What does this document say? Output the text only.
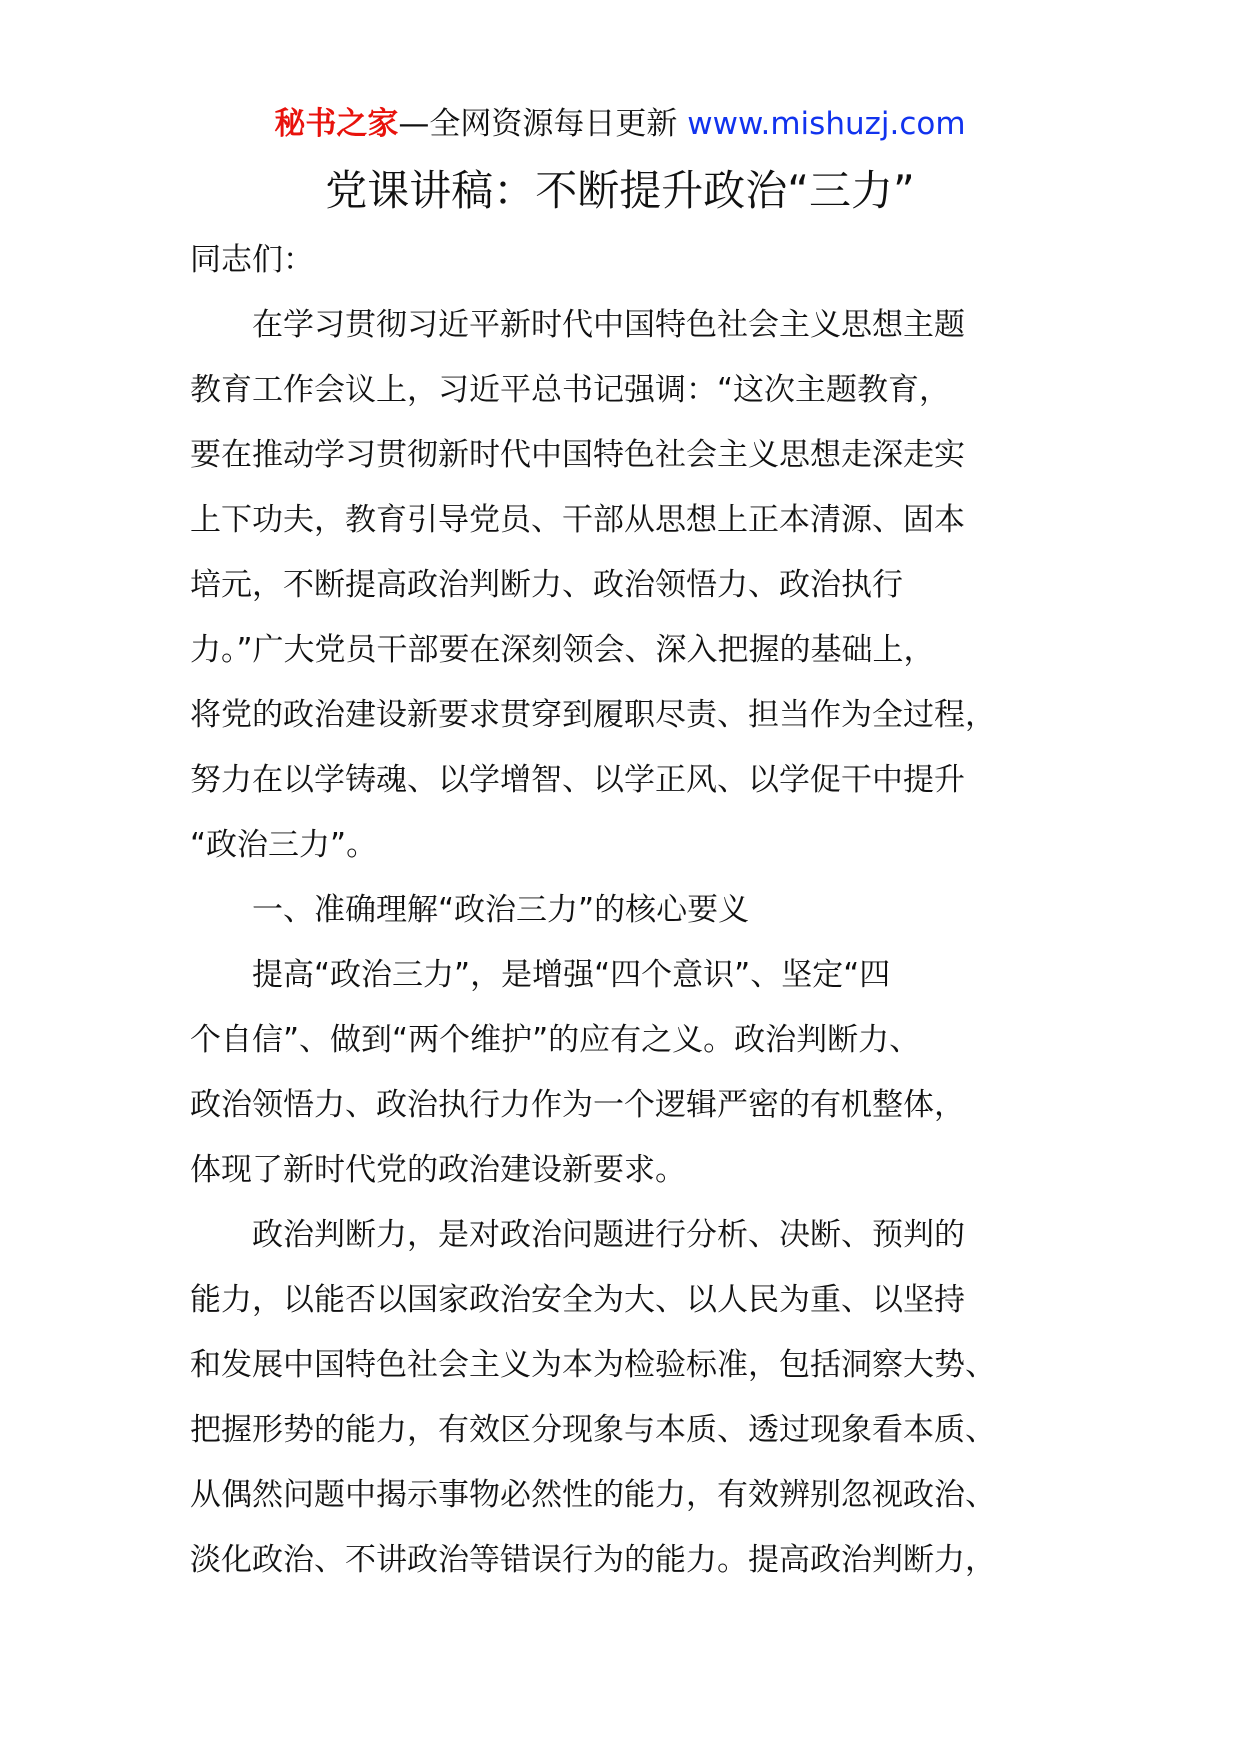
秘书之家—全网资源每日更新 www.mishuzj.com
党课讲稿：不断提升政治“三力”

同志们：

在学习贯彻习近平新时代中国特色社会主义思想主题
教育工作会议上，习近平总书记强调：“这次主题教育，
要在推动学习贯彻新时代中国特色社会主义思想走深走实
上下功夫，教育引导党员、干部从思想上正本清源、固本
培元，不断提高政治判断力、政治领悟力、政治执行
力。”广大党员干部要在深刻领会、深入把握的基础上，
将党的政治建设新要求贯穿到履职尽责、担当作为全过程，
努力在以学铸魂、以学增智、以学正风、以学促干中提升
“政治三力”。

一、准确理解“政治三力”的核心要义

提高“政治三力”，是增强“四个意识”、坚定“四
个自信”、做到“两个维护”的应有之义。政治判断力、
政治领悟力、政治执行力作为一个逻辑严密的有机整体，
体现了新时代党的政治建设新要求。

政治判断力，是对政治问题进行分析、决断、预判的
能力，以能否以国家政治安全为大、以人民为重、以坚持
和发展中国特色社会主义为本为检验标准，包括洞察大势、
把握形势的能力，有效区分现象与本质、透过现象看本质、
从偶然问题中揭示事物必然性的能力，有效辨别忽视政治、
淡化政治、不讲政治等错误行为的能力。提高政治判断力，
